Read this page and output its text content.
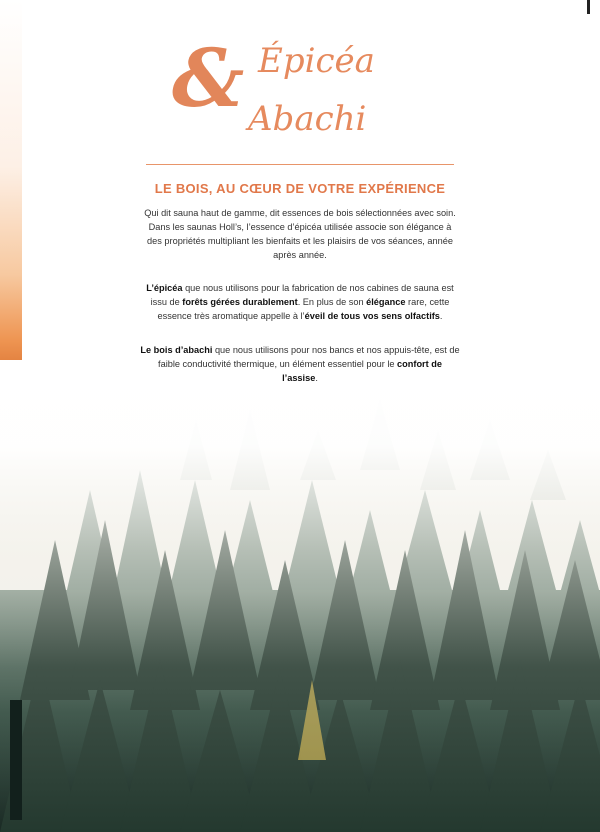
& Épicéa
Abachi
LE BOIS, AU CŒUR DE VOTRE EXPÉRIENCE

Qui dit sauna haut de gamme, dit essences de bois sélectionnées avec soin. Dans les saunas Holl’s, l’essence d’épicéa utilisée associe son élégance à des propriétés multipliant les bienfaits et les plaisirs de vos séances, année après année.

L’épicéa que nous utilisons pour la fabrication de nos cabines de sauna est issu de forêts gérées durablement. En plus de son élégance rare, cette essence très aromatique appelle à l’éveil de tous vos sens olfactifs.

Le bois d’abachi que nous utilisons pour nos bancs et nos appuis-tête, est de faible conductivité thermique, un élément essentiel pour le confort de l’assise.
